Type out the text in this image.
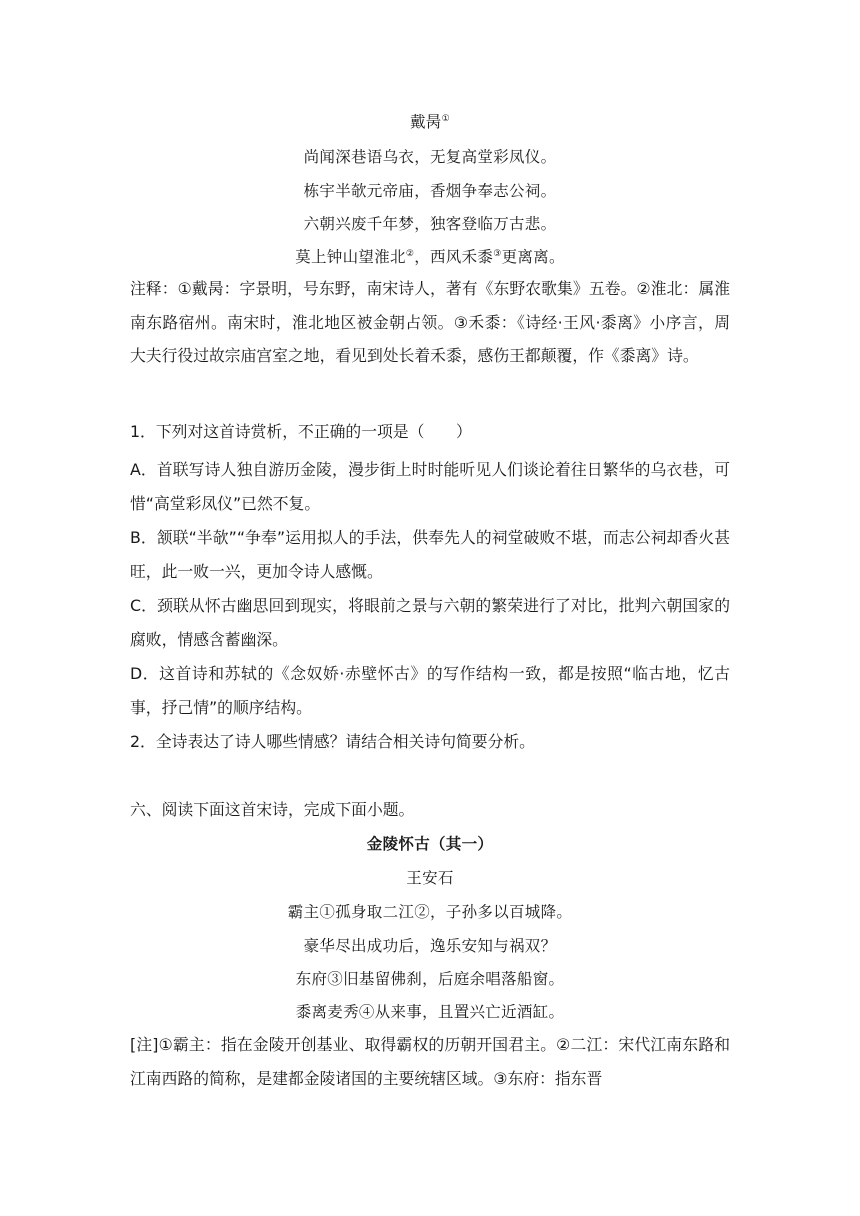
戴昺①
尚闻深巷语乌衣，无复高堂彩凤仪。
栋宇半欹元帝庙，香烟争奉志公祠。
六朝兴废千年梦，独客登临万古悲。
莫上钟山望淮北②，西风禾黍③更离离。

注释：①戴昺：字景明，号东野，南宋诗人，著有《东野农歌集》五卷。②淮北：属淮南东路宿州。南宋时，淮北地区被金朝占领。③禾黍：《诗经·王风·黍离》小序言，周大夫行役过故宗庙宫室之地，看见到处长着禾黍，感伤王都颠覆，作《黍离》诗。

1．下列对这首诗赏析，不正确的一项是（　　）

A．首联写诗人独自游历金陵，漫步街上时时能听见人们谈论着往日繁华的乌衣巷，可惜“高堂彩凤仪”已然不复。

B．颔联“半欹”“争奉”运用拟人的手法，供奉先人的祠堂破败不堪，而志公祠却香火甚旺，此一败一兴，更加令诗人感慨。

C．颈联从怀古幽思回到现实，将眼前之景与六朝的繁荣进行了对比，批判六朝国家的腐败，情感含蓄幽深。

D．这首诗和苏轼的《念奴娇·赤壁怀古》的写作结构一致，都是按照“临古地，忆古事，抒己情”的顺序结构。

2．全诗表达了诗人哪些情感？请结合相关诗句简要分析。

六、阅读下面这首宋诗，完成下面小题。

金陵怀古（其一）
王安石
霸主①孤身取二江②，子孙多以百城降。
豪华尽出成功后，逸乐安知与祸双？
东府③旧基留佛刹，后庭余唱落船窗。
黍离麦秀④从来事，且置兴亡近酒缸。

[注]①霸主：指在金陵开创基业、取得霸权的历朝开国君主。②二江：宋代江南东路和江南西路的简称，是建都金陵诸国的主要统辖区域。③东府：指东晋
